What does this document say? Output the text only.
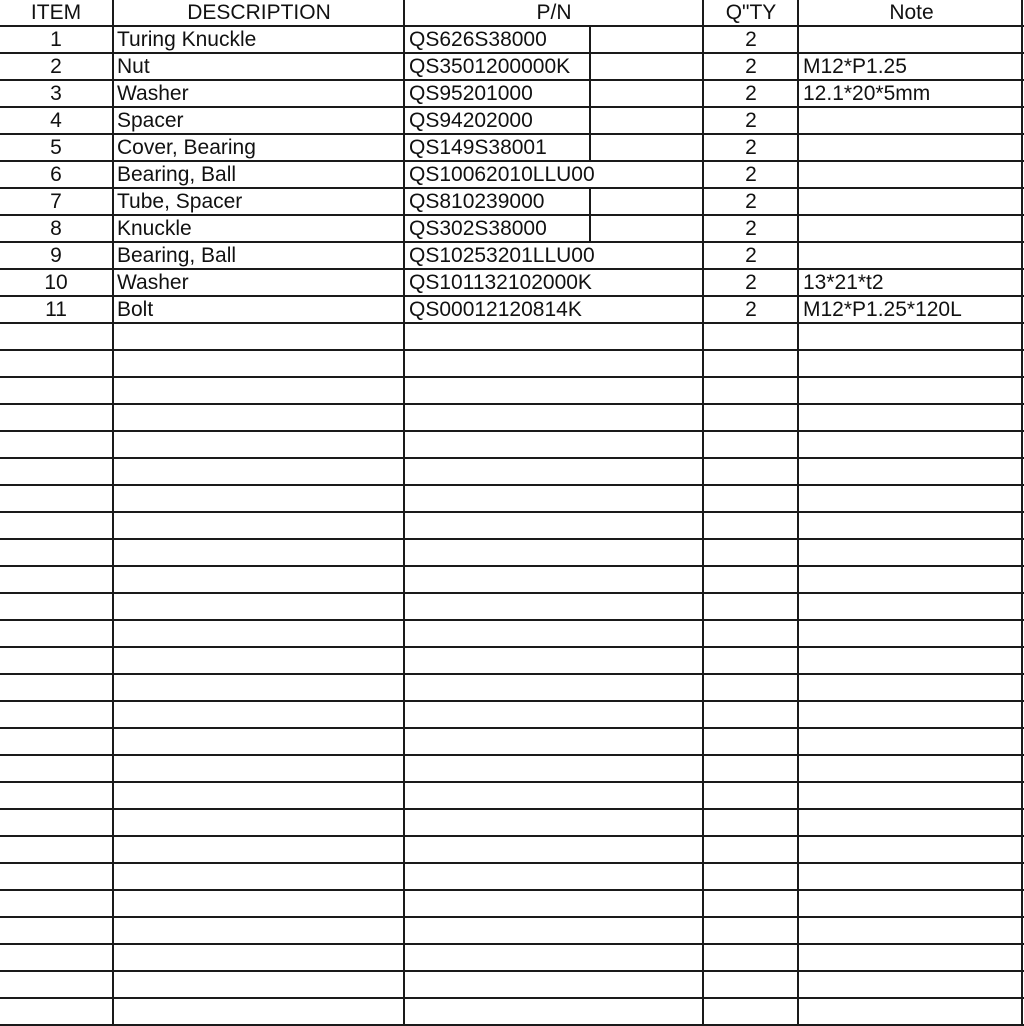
ITEM	DESCRIPTION	P/N	Q"TY	Note
1	Turing Knuckle	QS626S38000	2
2	Nut	QS3501200000K	2	M12*P1.25
3	Washer	QS95201000	2	12.1*20*5mm
4	Spacer	QS94202000	2
5	Cover, Bearing	QS149S38001	2
6	Bearing, Ball	QS10062010LLU00	2
7	Tube, Spacer	QS810239000	2
8	Knuckle	QS302S38000	2
9	Bearing, Ball	QS10253201LLU00	2
10	Washer	QS101132102000K	2	13*21*t2
11	Bolt	QS00012120814K	2	M12*P1.25*120L
